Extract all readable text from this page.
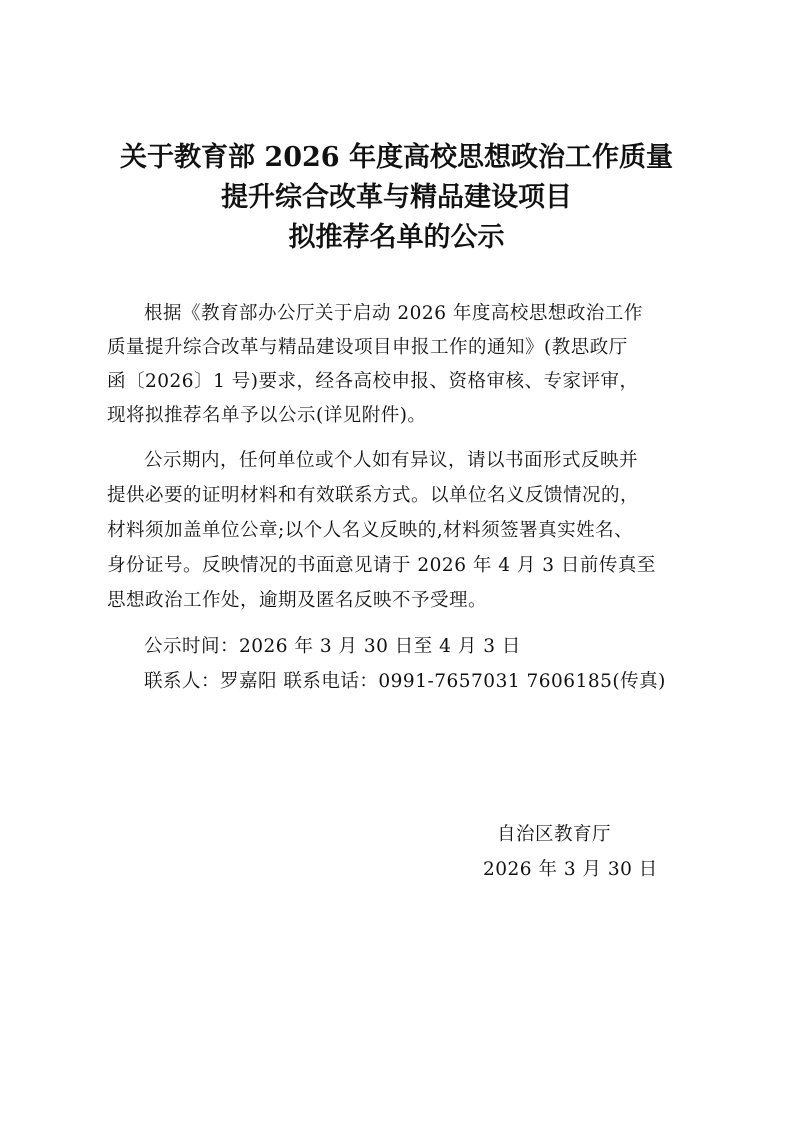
关于教育部 2026 年度高校思想政治工作质量
提升综合改革与精品建设项目
拟推荐名单的公示
根据《教育部办公厅关于启动 2026 年度高校思想政治工作
质量提升综合改革与精品建设项目申报工作的通知》(教思政厅
函〔2026〕1 号)要求，经各高校申报、资格审核、专家评审，
现将拟推荐名单予以公示(详见附件)。
公示期内，任何单位或个人如有异议，请以书面形式反映并
提供必要的证明材料和有效联系方式。以单位名义反馈情况的，
材料须加盖单位公章;以个人名义反映的,材料须签署真实姓名、
身份证号。反映情况的书面意见请于 2026 年 4 月 3 日前传真至
思想政治工作处，逾期及匿名反映不予受理。
公示时间：2026 年 3 月 30 日至 4 月 3 日
联系人：罗嘉阳 联系电话：0991-7657031 7606185(传真)
自治区教育厅
2026 年 3 月 30 日
